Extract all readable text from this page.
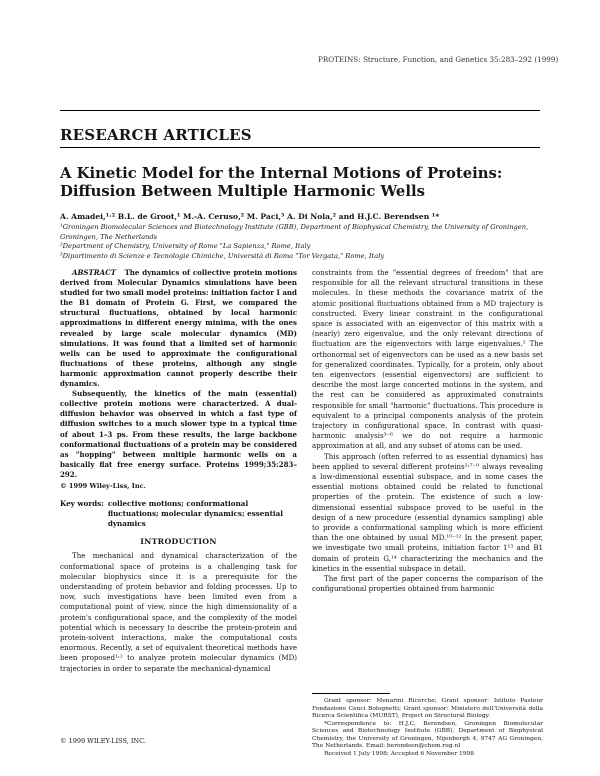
PROTEINS: Structure, Function, and Genetics 35:283–292 (1999)
RESEARCH ARTICLES
A Kinetic Model for the Internal Motions of Proteins: Diffusion Between Multiple Harmonic Wells
A. Amadei,¹˒² B.L. de Groot,¹ M.-A. Ceruso,² M. Paci,³ A. Di Nola,² and H.J.C. Berendsen ¹*
¹Groningen Biomolecular Sciences and Biotechnology Institute (GBB), Department of Biophysical Chemistry, the University of Groningen, Groningen, The Netherlands
²Department of Chemistry, University of Rome "La Sapienza," Rome, Italy
³Dipartimento di Scienze e Tecnologie Chimiche, Università di Roma "Tor Vergata," Rome, Italy

ABSTRACT The dynamics of collective protein motions derived from Molecular Dynamics simulations have been studied for two small model proteins: initiation factor I and the B1 domain of Protein G. First, we compared the structural fluctuations, obtained by local harmonic approximations in different energy minima, with the ones revealed by large scale molecular dynamics (MD) simulations. It was found that a limited set of harmonic wells can be used to approximate the configurational fluctuations of these proteins, although any single harmonic approximation cannot properly describe their dynamics.

Subsequently, the kinetics of the main (essential) collective protein motions were characterized. A dual-diffusion behavior was observed in which a fast type of diffusion switches to a much slower type in a typical time of about 1–3 ps. From these results, the large backbone conformational fluctuations of a protein may be considered as "hopping" between multiple harmonic wells on a basically flat free energy surface. Proteins 1999;35:283–292.

© 1999 Wiley-Liss, Inc.
Key words: collective motions; conformational fluctuations; molecular dynamics; essential dynamics
INTRODUCTION

The mechanical and dynamical characterization of the conformational space of proteins is a challenging task for molecular biophysics since it is a prerequisite for the understanding of protein behavior and folding processes. Up to now, such investigations have been limited even from a computational point of view, since the high dimensionality of a protein's configurational space, and the complexity of the model potential which is necessary to describe the protein-protein and protein-solvent interactions, make the computational costs enormous. Recently, a set of equivalent theoretical methods have been proposed¹˒² to analyze protein molecular dynamics (MD) trajectories in order to separate the mechanical-dynamical

constraints from the "essential degrees of freedom" that are responsible for all the relevant structural transitions in these molecules. In these methods the covariance matrix of the atomic positional fluctuations obtained from a MD trajectory is constructed. Every linear constraint in the configurational space is associated with an eigenvector of this matrix with a (nearly) zero eigenvalue, and the only relevant directions of fluctuation are the eigenvectors with large eigenvalues.² The orthonormal set of eigenvectors can be used as a new basis set for generalized coordinates. Typically, for a protein, only about ten eigenvectors (essential eigenvectors) are sufficient to describe the most large concerted motions in the system, and the rest can be considered as approximated constraints responsible for small "harmonic" fluctuations. This procedure is equivalent to a principal components analysis of the protein trajectory in configurational space. In contrast with quasi-harmonic analysis³⁻⁶ we do not require a harmonic approximation at all, and any subset of atoms can be used.

This approach (often referred to as essential dynamics) has been applied to several different proteins²˒⁷⁻⁹ always revealing a low-dimensional essential subspace, and in some cases the essential motions obtained could be related to functional properties of the protein. The existence of such a low-dimensional essential subspace proved to be useful in the design of a new procedure (essential dynamics sampling) able to provide a conformational sampling which is more efficient than the one obtained by usual MD.¹⁰⁻¹² In the present paper, we investigate two small proteins, initiation factor 1¹³ and B1 domain of protein G,¹⁴ characterizing the mechanics and the kinetics in the essential subspace in detail.

The first part of the paper concerns the comparison of the configurational properties obtained from harmonic

Grant sponsor: Menarini Ricerche; Grant sponsor: Istituto Pasteur Fondazione Cenci Bolognetti; Grant sponsor: Ministero dell'Università della Ricerca Scientifica (MURST), Project on Structural Biology.

*Correspondence to: H.J.C. Berendsen, Groningen Biomolecular Sciences and Biotechnology Institute (GBB), Department of Biophysical Chemistry, the University of Groningen, Nijenborgh 4, 9747 AG Groningen, The Netherlands. Email: berendsen@chem.rug.nl

Received 1 July 1998; Accepted 6 November 1998

© 1999 WILEY-LISS, INC.
